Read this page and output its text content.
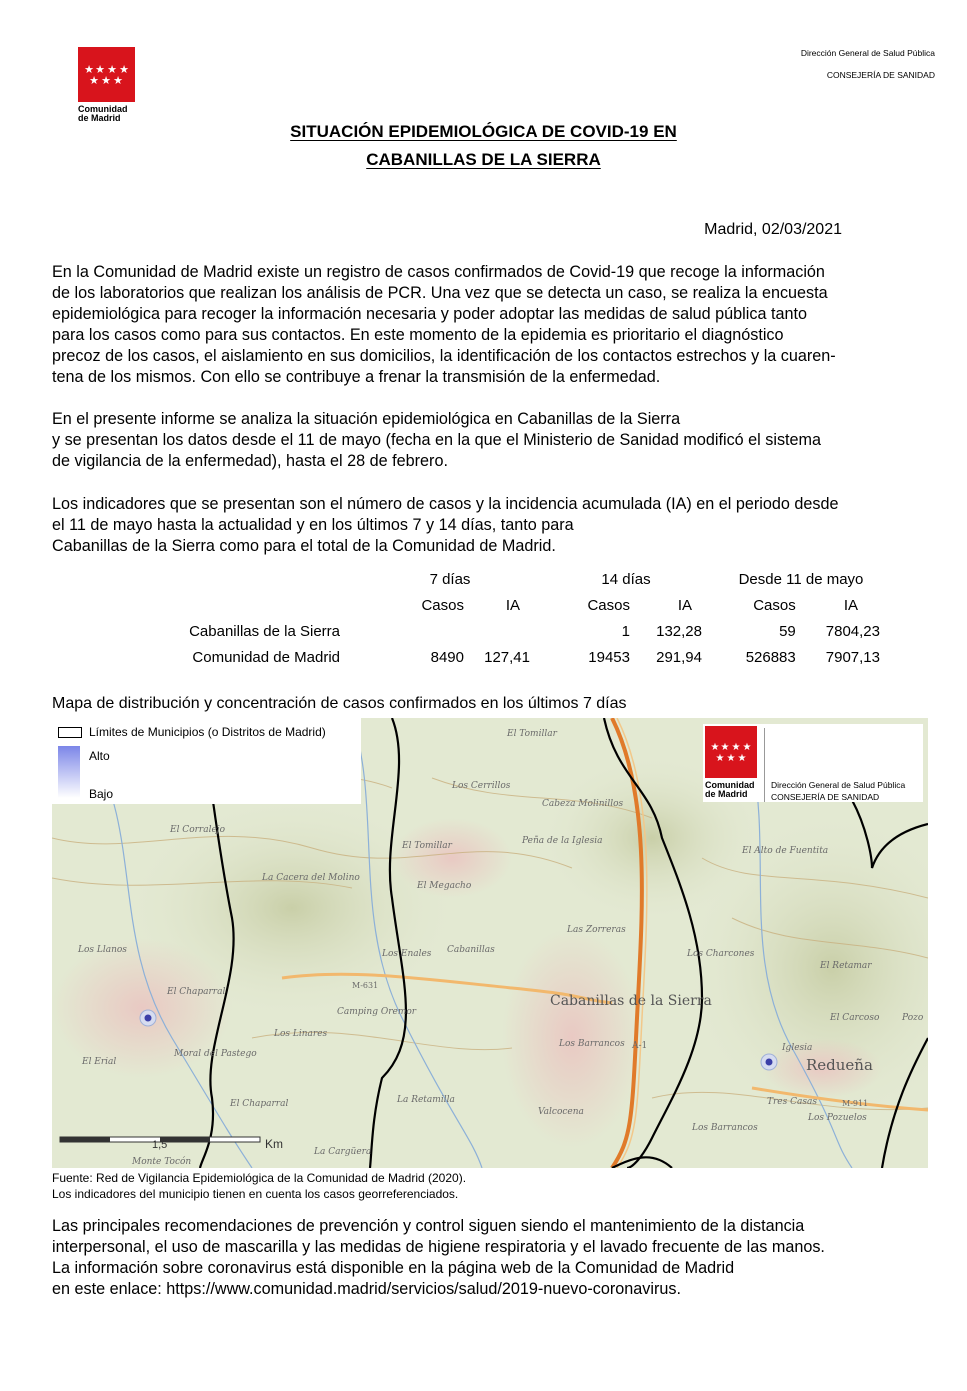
★ ★ ★ ★
★ ★ ★
Comunidad
de Madrid
Dirección General de Salud Pública
CONSEJERÍA DE SANIDAD
SITUACIÓN EPIDEMIOLÓGICA DE COVID-19 EN
CABANILLAS DE LA SIERRA
Madrid, 02/03/2021
En la Comunidad de Madrid existe un registro de casos confirmados de Covid-19 que recoge la información
de los laboratorios que realizan los análisis de PCR. Una vez que se detecta un caso, se realiza la encuesta
epidemiológica para recoger la información necesaria y poder adoptar las medidas de salud pública tanto
para los casos como para sus contactos. En este momento de la epidemia es prioritario el diagnóstico
precoz de los casos, el aislamiento en sus domicilios, la identificación de los contactos estrechos y la cuaren-
tena de los mismos. Con ello se contribuye a frenar la transmisión de la enfermedad.
En el presente informe se analiza la situación epidemiológica en Cabanillas de la Sierra
y se presentan los datos desde el 11 de mayo (fecha en la que el Ministerio de Sanidad modificó el sistema
de vigilancia de la enfermedad), hasta el 28 de febrero.
Los indicadores que se presentan son el número de casos y la incidencia acumulada (IA) en el periodo desde
el 11 de mayo hasta la actualidad y en los últimos 7 y 14 días, tanto para
Cabanillas de la Sierra como para el total de la Comunidad de Madrid.
	7 días		14 días		Desde 11 de mayo	
	Casos	IA	Casos	IA	Casos	IA
Cabanillas de la Sierra			1	132,28	59	7804,23
Comunidad de Madrid	8490	127,41	19453	291,94	526883	7907,13
Mapa de distribución y concentración de casos confirmados en los últimos 7 días
El Tomillar
Los Cerrillos
Cabeza Molinillos
El Corralejo
Peña de la Iglesia
El Tomillar	El Alto de Fuentita
La Cacera del Molino
El Megacho
Los Llanos	Los Enales Cabanillas
Las Zorreras
Los Charcones
El Retamar
El Chaparral
Camping Oremor
El Carcoso	Pozo
Los Linares
Moral del Pastego
Los Barrancos
El Erial
Iglesia
El Chaparral	La Retamilla
Valcocena
Tres Casas
Los Pozuelos
Monte Tocón
La Cargüera
Los Barrancos
M-631
A-1
M-911
Cabanillas de la Sierra
Redueña
1,5	Km
Límites de Municipios (o Distritos de Madrid)
Alto
Bajo
★ ★ ★ ★
★ ★ ★
Comunidad
de Madrid
Dirección General de Salud Pública
CONSEJERÍA DE SANIDAD
Fuente: Red de Vigilancia Epidemiológica de la Comunidad de Madrid (2020).
Los indicadores del municipio tienen en cuenta los casos georreferenciados.
Las principales recomendaciones de prevención y control siguen siendo el mantenimiento de la distancia
interpersonal, el uso de mascarilla y las medidas de higiene respiratoria y el lavado frecuente de las manos.
La información sobre coronavirus está disponible en la página web de la Comunidad de Madrid
en este enlace: https://www.comunidad.madrid/servicios/salud/2019-nuevo-coronavirus.
